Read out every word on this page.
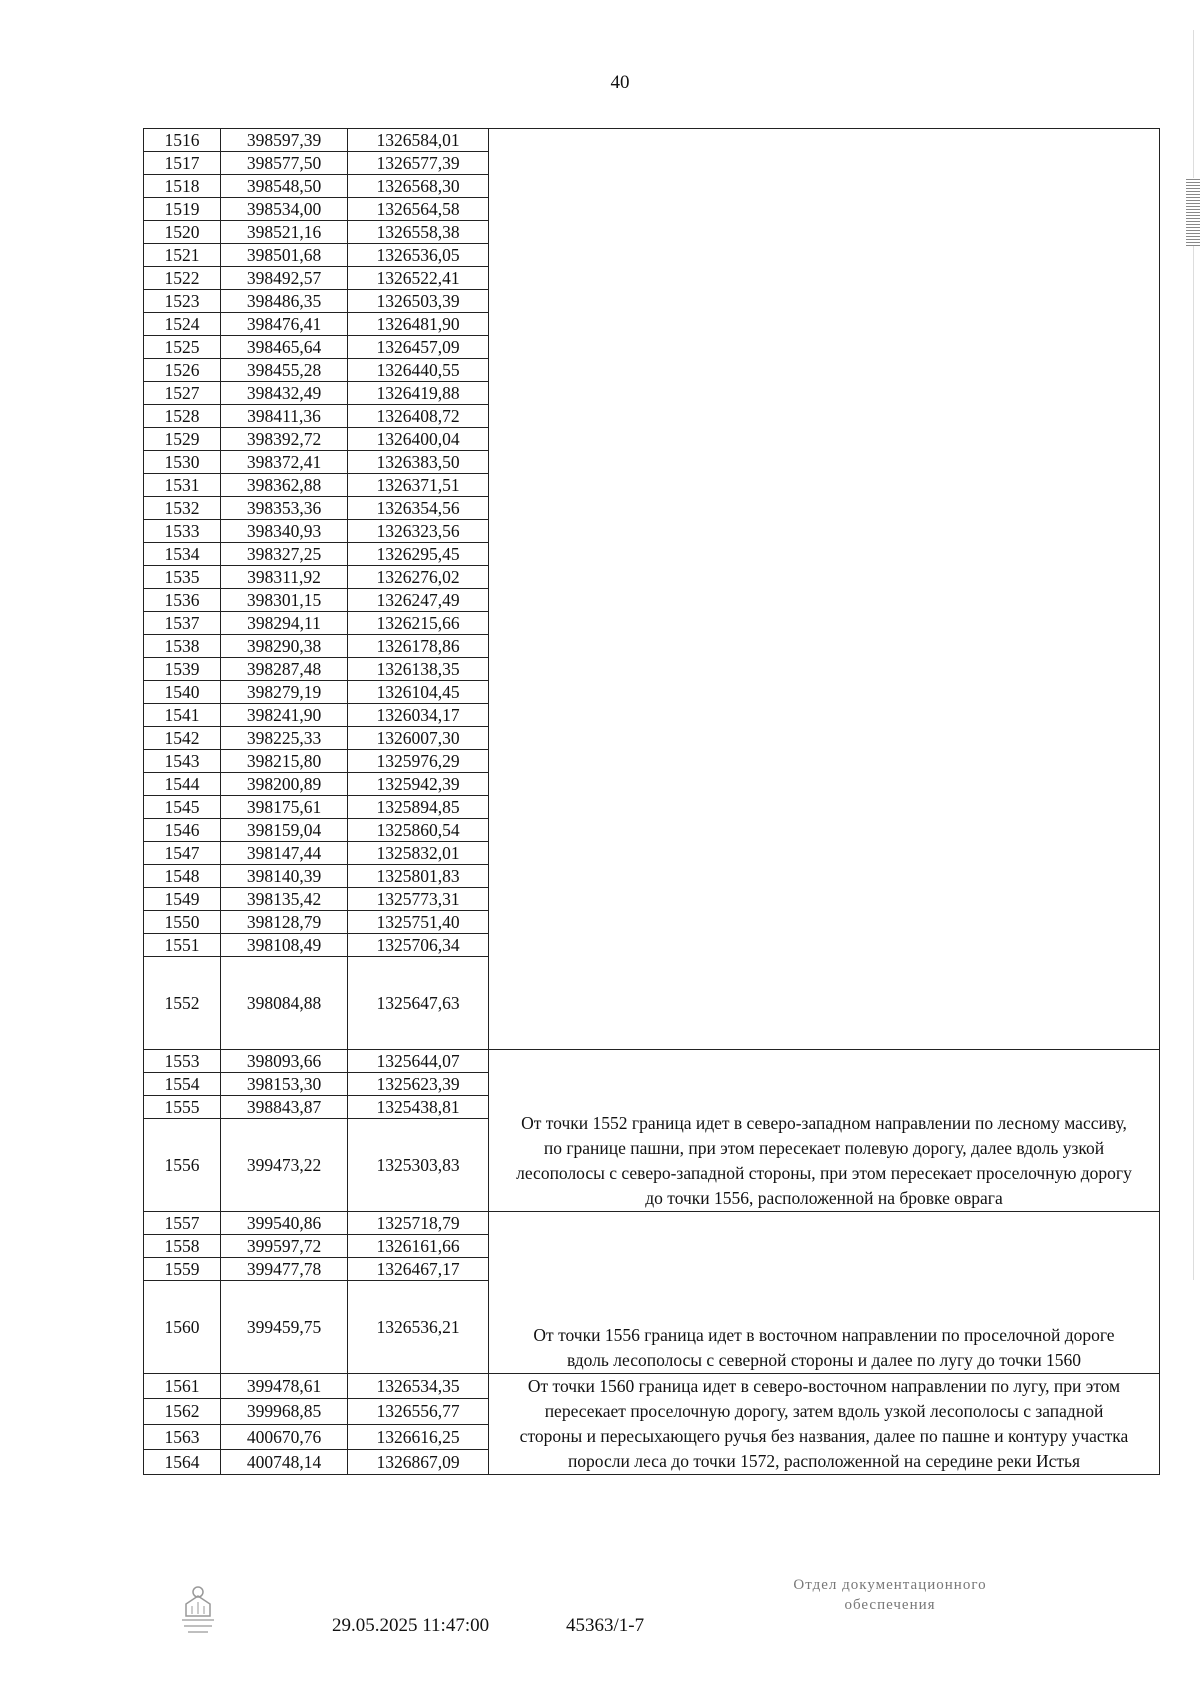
40
1516	398597,39	1326584,01	
1517	398577,50	1326577,39	
1518	398548,50	1326568,30	
1519	398534,00	1326564,58	
1520	398521,16	1326558,38	
1521	398501,68	1326536,05	
1522	398492,57	1326522,41	
1523	398486,35	1326503,39	
1524	398476,41	1326481,90	
1525	398465,64	1326457,09	
1526	398455,28	1326440,55	
1527	398432,49	1326419,88	
1528	398411,36	1326408,72	
1529	398392,72	1326400,04	
1530	398372,41	1326383,50	
1531	398362,88	1326371,51	
1532	398353,36	1326354,56	
1533	398340,93	1326323,56	
1534	398327,25	1326295,45	
1535	398311,92	1326276,02	
1536	398301,15	1326247,49	
1537	398294,11	1326215,66	
1538	398290,38	1326178,86	
1539	398287,48	1326138,35	
1540	398279,19	1326104,45	
1541	398241,90	1326034,17	
1542	398225,33	1326007,30	
1543	398215,80	1325976,29	
1544	398200,89	1325942,39	
1545	398175,61	1325894,85	
1546	398159,04	1325860,54	
1547	398147,44	1325832,01	
1548	398140,39	1325801,83	
1549	398135,42	1325773,31	
1550	398128,79	1325751,40	
1551	398108,49	1325706,34	
1552	398084,88	1325647,63	
1553	398093,66	1325644,07	От точки 1552 граница идет в северо-западном направлении по лесному массиву, по границе пашни, при этом пересекает полевую дорогу, далее вдоль узкой лесополосы с северо-западной стороны, при этом пересекает проселочную дорогу до точки 1556, расположенной на бровке оврага
1554	398153,30	1325623,39	
1555	398843,87	1325438,81	
1556	399473,22	1325303,83	
1557	399540,86	1325718,79	От точки 1556 граница идет в восточном направлении по проселочной дороге вдоль лесополосы с северной стороны и далее по лугу до точки 1560
1558	399597,72	1326161,66	
1559	399477,78	1326467,17	
1560	399459,75	1326536,21	
1561	399478,61	1326534,35	От точки 1560 граница идет в северо-восточном направлении по лугу, при этом пересекает проселочную дорогу, затем вдоль узкой лесополосы с западной стороны и пересыхающего ручья без названия, далее по пашне и контуру участка поросли леса до точки 1572, расположенной на середине реки Истья
1562	399968,85	1326556,77	
1563	400670,76	1326616,25	
1564	400748,14	1326867,09	
29.05.2025 11:47:00	45363/1-7
Отдел документационного
обеспечения
